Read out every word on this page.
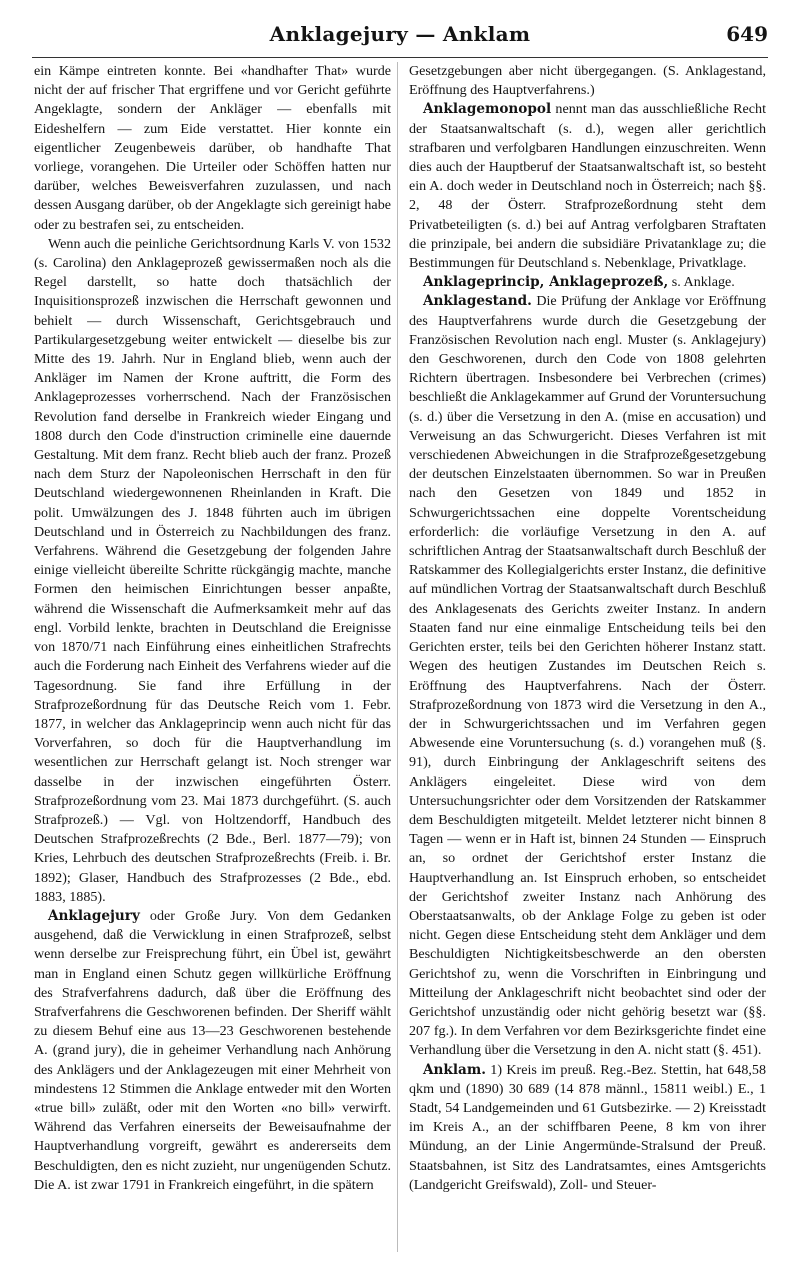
Anklagejury — Anklam	649

ein Kämpe eintreten konnte. Bei «handhafter That» wurde nicht der auf frischer That ergriffene und vor Gericht geführte Angeklagte, sondern der Ankläger — ebenfalls mit Eideshelfern — zum Eide verstattet. Hier konnte ein eigentlicher Zeugenbeweis darüber, ob handhafte That vorliege, vorangehen. Die Urteiler oder Schöffen hatten nur darüber, welches Beweisverfahren zuzulassen, und nach dessen Ausgang darüber, ob der Angeklagte sich gereinigt habe oder zu bestrafen sei, zu entscheiden.

Wenn auch die peinliche Gerichtsordnung Karls V. von 1532 (s. Carolina) den Anklageprozeß gewissermaßen noch als die Regel darstellt, so hatte doch thatsächlich der Inquisitionsprozeß inzwischen die Herrschaft gewonnen und behielt — durch Wissenschaft, Gerichtsgebrauch und Partikulargesetzgebung weiter entwickelt — dieselbe bis zur Mitte des 19. Jahrh. Nur in England blieb, wenn auch der Ankläger im Namen der Krone auftritt, die Form des Anklageprozesses vorherrschend. Nach der Französischen Revolution fand derselbe in Frankreich wieder Eingang und 1808 durch den Code d'instruction criminelle eine dauernde Gestaltung. Mit dem franz. Recht blieb auch der franz. Prozeß nach dem Sturz der Napoleonischen Herrschaft in den für Deutschland wiedergewonnenen Rheinlanden in Kraft. Die polit. Umwälzungen des J. 1848 führten auch im übrigen Deutschland und in Österreich zu Nachbildungen des franz. Verfahrens. Während die Gesetzgebung der folgenden Jahre einige vielleicht übereilte Schritte rückgängig machte, manche Formen den heimischen Einrichtungen besser anpaßte, während die Wissenschaft die Aufmerksamkeit mehr auf das engl. Vorbild lenkte, brachten in Deutschland die Ereignisse von 1870/71 nach Einführung eines einheitlichen Strafrechts auch die Forderung nach Einheit des Verfahrens wieder auf die Tagesordnung. Sie fand ihre Erfüllung in der Strafprozeßordnung für das Deutsche Reich vom 1. Febr. 1877, in welcher das Anklageprincip wenn auch nicht für das Vorverfahren, so doch für die Hauptverhandlung im wesentlichen zur Herrschaft gelangt ist. Noch strenger war dasselbe in der inzwischen eingeführten Österr. Strafprozeßordnung vom 23. Mai 1873 durchgeführt. (S. auch Strafprozeß.) — Vgl. von Holtzendorff, Handbuch des Deutschen Strafprozeßrechts (2 Bde., Berl. 1877—79); von Kries, Lehrbuch des deutschen Strafprozeßrechts (Freib. i. Br. 1892); Glaser, Handbuch des Strafprozesses (2 Bde., ebd. 1883, 1885).

Anklagejury oder Große Jury. Von dem Gedanken ausgehend, daß die Verwicklung in einen Strafprozeß, selbst wenn derselbe zur Freisprechung führt, ein Übel ist, gewährt man in England einen Schutz gegen willkürliche Eröffnung des Strafverfahrens dadurch, daß über die Eröffnung des Strafverfahrens die Geschworenen befinden. Der Sheriff wählt zu diesem Behuf eine aus 13—23 Geschworenen bestehende A. (grand jury), die in geheimer Verhandlung nach Anhörung des Anklägers und der Anklagezeugen mit einer Mehrheit von mindestens 12 Stimmen die Anklage entweder mit den Worten «true bill» zuläßt, oder mit den Worten «no bill» verwirft. Während das Verfahren einerseits der Beweisaufnahme der Hauptverhandlung vorgreift, gewährt es andererseits dem Beschuldigten, den es nicht zuzieht, nur ungenügenden Schutz. Die A. ist zwar 1791 in Frankreich eingeführt, in die spätern

Gesetzgebungen aber nicht übergegangen. (S. Anklagestand, Eröffnung des Hauptverfahrens.)

Anklagemonopol nennt man das ausschließliche Recht der Staatsanwaltschaft (s. d.), wegen aller gerichtlich strafbaren und verfolgbaren Handlungen einzuschreiten. Wenn dies auch der Hauptberuf der Staatsanwaltschaft ist, so besteht ein A. doch weder in Deutschland noch in Österreich; nach §§. 2, 48 der Österr. Strafprozeßordnung steht dem Privatbeteiligten (s. d.) bei auf Antrag verfolgbaren Straftaten die prinzipale, bei andern die subsidiäre Privatanklage zu; die Bestimmungen für Deutschland s. Nebenklage, Privatklage.

Anklageprincip, Anklageprozeß, s. Anklage.

Anklagestand. Die Prüfung der Anklage vor Eröffnung des Hauptverfahrens wurde durch die Gesetzgebung der Französischen Revolution nach engl. Muster (s. Anklagejury) den Geschworenen, durch den Code von 1808 gelehrten Richtern übertragen. Insbesondere bei Verbrechen (crimes) beschließt die Anklagekammer auf Grund der Voruntersuchung (s. d.) über die Versetzung in den A. (mise en accusation) und Verweisung an das Schwurgericht. Dieses Verfahren ist mit verschiedenen Abweichungen in die Strafprozeßgesetzgebung der deutschen Einzelstaaten übernommen. So war in Preußen nach den Gesetzen von 1849 und 1852 in Schwurgerichtssachen eine doppelte Vorentscheidung erforderlich: die vorläufige Versetzung in den A. auf schriftlichen Antrag der Staatsanwaltschaft durch Beschluß der Ratskammer des Kollegialgerichts erster Instanz, die definitive auf mündlichen Vortrag der Staatsanwaltschaft durch Beschluß des Anklagesenats des Gerichts zweiter Instanz. In andern Staaten fand nur eine einmalige Entscheidung teils bei den Gerichten erster, teils bei den Gerichten höherer Instanz statt. Wegen des heutigen Zustandes im Deutschen Reich s. Eröffnung des Hauptverfahrens. Nach der Österr. Strafprozeßordnung von 1873 wird die Versetzung in den A., der in Schwurgerichtssachen und im Verfahren gegen Abwesende eine Voruntersuchung (s. d.) vorangehen muß (§. 91), durch Einbringung der Anklageschrift seitens des Anklägers eingeleitet. Diese wird von dem Untersuchungsrichter oder dem Vorsitzenden der Ratskammer dem Beschuldigten mitgeteilt. Meldet letzterer nicht binnen 8 Tagen — wenn er in Haft ist, binnen 24 Stunden — Einspruch an, so ordnet der Gerichtshof erster Instanz die Hauptverhandlung an. Ist Einspruch erhoben, so entscheidet der Gerichtshof zweiter Instanz nach Anhörung des Oberstaatsanwalts, ob der Anklage Folge zu geben ist oder nicht. Gegen diese Entscheidung steht dem Ankläger und dem Beschuldigten Nichtigkeitsbeschwerde an den obersten Gerichtshof zu, wenn die Vorschriften in Einbringung und Mitteilung der Anklageschrift nicht beobachtet sind oder der Gerichtshof unzuständig oder nicht gehörig besetzt war (§§. 207 fg.). In dem Verfahren vor dem Bezirksgerichte findet eine Verhandlung über die Versetzung in den A. nicht statt (§. 451).

Anklam. 1) Kreis im preuß. Reg.-Bez. Stettin, hat 648,58 qkm und (1890) 30 689 (14 878 männl., 15811 weibl.) E., 1 Stadt, 54 Landgemeinden und 61 Gutsbezirke. — 2) Kreisstadt im Kreis A., an der schiffbaren Peene, 8 km von ihrer Mündung, an der Linie Angermünde-Stralsund der Preuß. Staatsbahnen, ist Sitz des Landratsamtes, eines Amtsgerichts (Landgericht Greifswald), Zoll- und Steuer-
